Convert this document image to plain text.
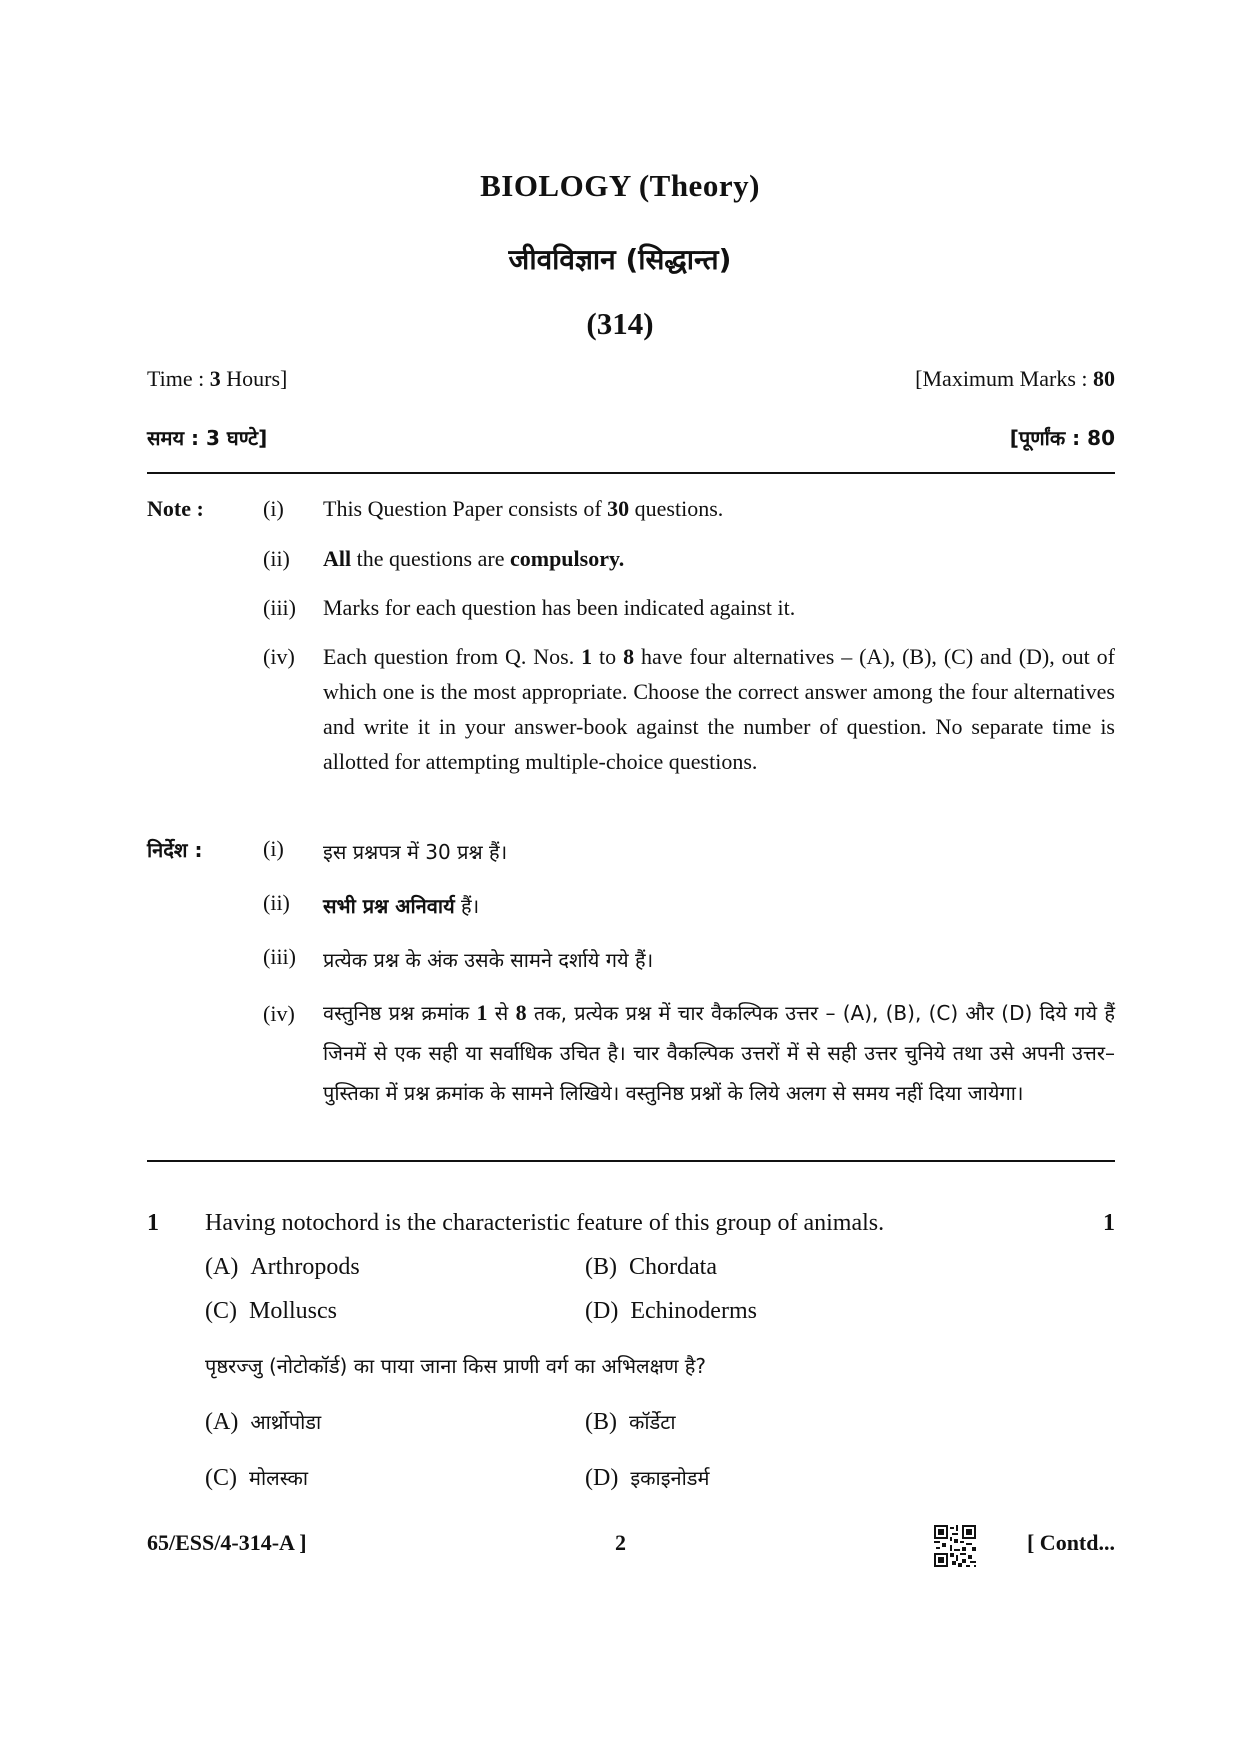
BIOLOGY (Theory)
जीवविज्ञान (सिद्धान्त)
(314)
Time : 3 Hours]	[Maximum Marks : 80
समय : 3 घण्टे]	[पूर्णांक : 80
Note :	(i) This Question Paper consists of 30 questions.
(ii) All the questions are compulsory.
(iii) Marks for each question has been indicated against it.
(iv) Each question from Q. Nos. 1 to 8 have four alternatives – (A), (B), (C) and (D), out of which one is the most appropriate. Choose the correct answer among the four alternatives and write it in your answer-book against the number of question. No separate time is allotted for attempting multiple-choice questions.
निर्देश :	(i) इस प्रश्नपत्र में 30 प्रश्न हैं।
(ii) सभी प्रश्न अनिवार्य हैं।
(iii) प्रत्येक प्रश्न के अंक उसके सामने दर्शाये गये हैं।
(iv) वस्तुनिष्ठ प्रश्न क्रमांक 1 से 8 तक, प्रत्येक प्रश्न में चार वैकल्पिक उत्तर – (A), (B), (C) और (D) दिये गये हैं जिनमें से एक सही या सर्वाधिक उचित है। चार वैकल्पिक उत्तरों में से सही उत्तर चुनिये तथा उसे अपनी उत्तर–पुस्तिका में प्रश्न क्रमांक के सामने लिखिये। वस्तुनिष्ठ प्रश्नों के लिये अलग से समय नहीं दिया जायेगा।
1 Having notochord is the characteristic feature of this group of animals.	1
(A) Arthropods	(B) Chordata
(C) Molluscs	(D) Echinoderms
पृष्ठरज्जु (नोटोकॉर्ड) का पाया जाना किस प्राणी वर्ग का अभिलक्षण है?
(A) आर्थ्रोपोडा	(B) कॉर्डेटा
(C) मोलस्का	(D) इकाइनोडर्म
65/ESS/4-314-A ]	2	[ Contd...
